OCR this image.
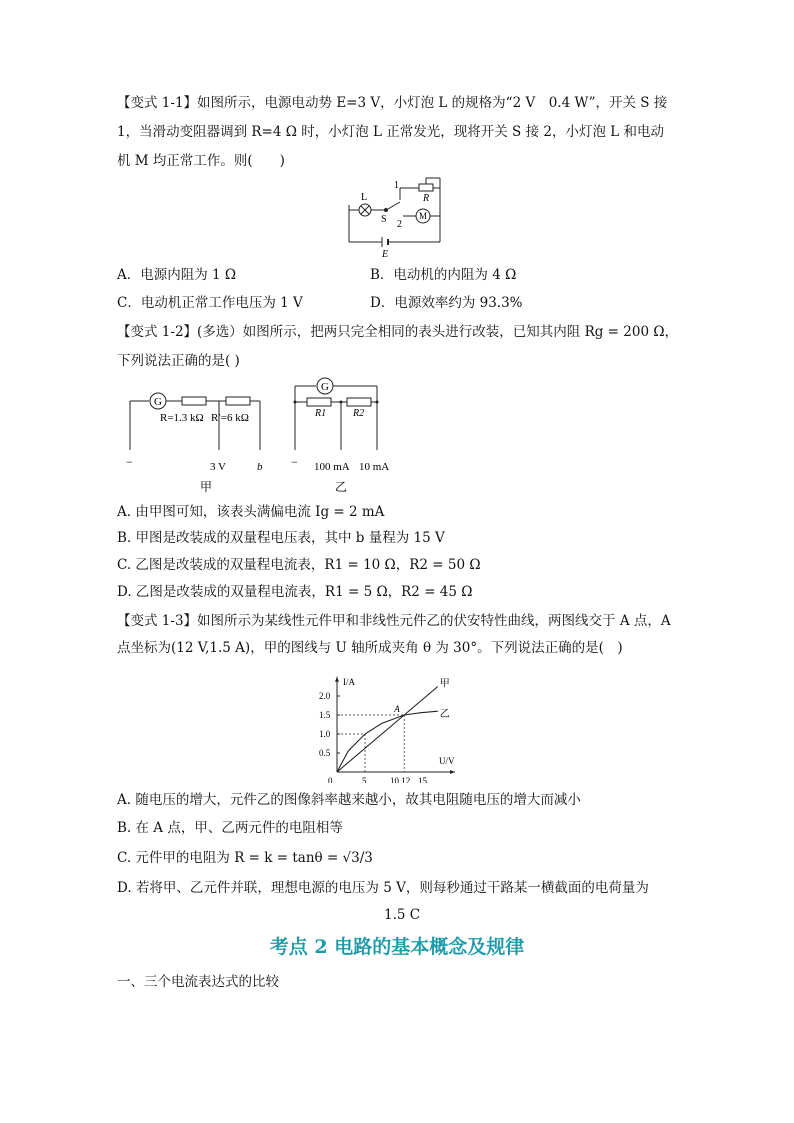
【变式 1-1】如图所示，电源电动势 E=3 V，小灯泡 L 的规格为“2 V　0.4 W”，开关 S 接
1，当滑动变阻器调到 R=4 Ω 时，小灯泡 L 正常发光，现将开关 S 接 2，小灯泡 L 和电动
机 M 均正常工作。则(　　)
L
S
1
2
R
M
E
A．电源内阻为 1 Ω	B．电动机的内阻为 4 Ω
C．电动机正常工作电压为 1 V	D．电源效率约为 93.3%
【变式 1-2】(多选）如图所示，把两只完全相同的表头进行改装，已知其内阻 Rg = 200 Ω，
下列说法正确的是( )
G
R=1.3 kΩ R′=6 kΩ
−	3 V	b
甲
G
R1	R2
− 100 mA 10 mA
乙
A. 由甲图可知，该表头满偏电流 Ig = 2 mA
B. 甲图是改装成的双量程电压表，其中 b 量程为 15 V
C. 乙图是改装成的双量程电流表，R1 = 10 Ω，R2 = 50 Ω
D. 乙图是改装成的双量程电流表，R1 = 5 Ω，R2 = 45 Ω
【变式 1-3】如图所示为某线性元件甲和非线性元件乙的伏安特性曲线，两图线交于 A 点，A
点坐标为(12 V,1.5 A)，甲的图线与 U 轴所成夹角 θ 为 30°。下列说法正确的是(　)
I/A
U/V
0	5	10 12 15
0.5
1.0
1.5
2.0
甲
乙
A
A. 随电压的增大，元件乙的图像斜率越来越小，故其电阻随电压的增大而减小
B. 在 A 点，甲、乙两元件的电阻相等
C. 元件甲的电阻为 R = k = tanθ = √3/3
D. 若将甲、乙元件并联，理想电源的电压为 5 V，则每秒通过干路某一横截面的电荷量为
1.5 C
考点 2 电路的基本概念及规律
一、三个电流表达式的比较
